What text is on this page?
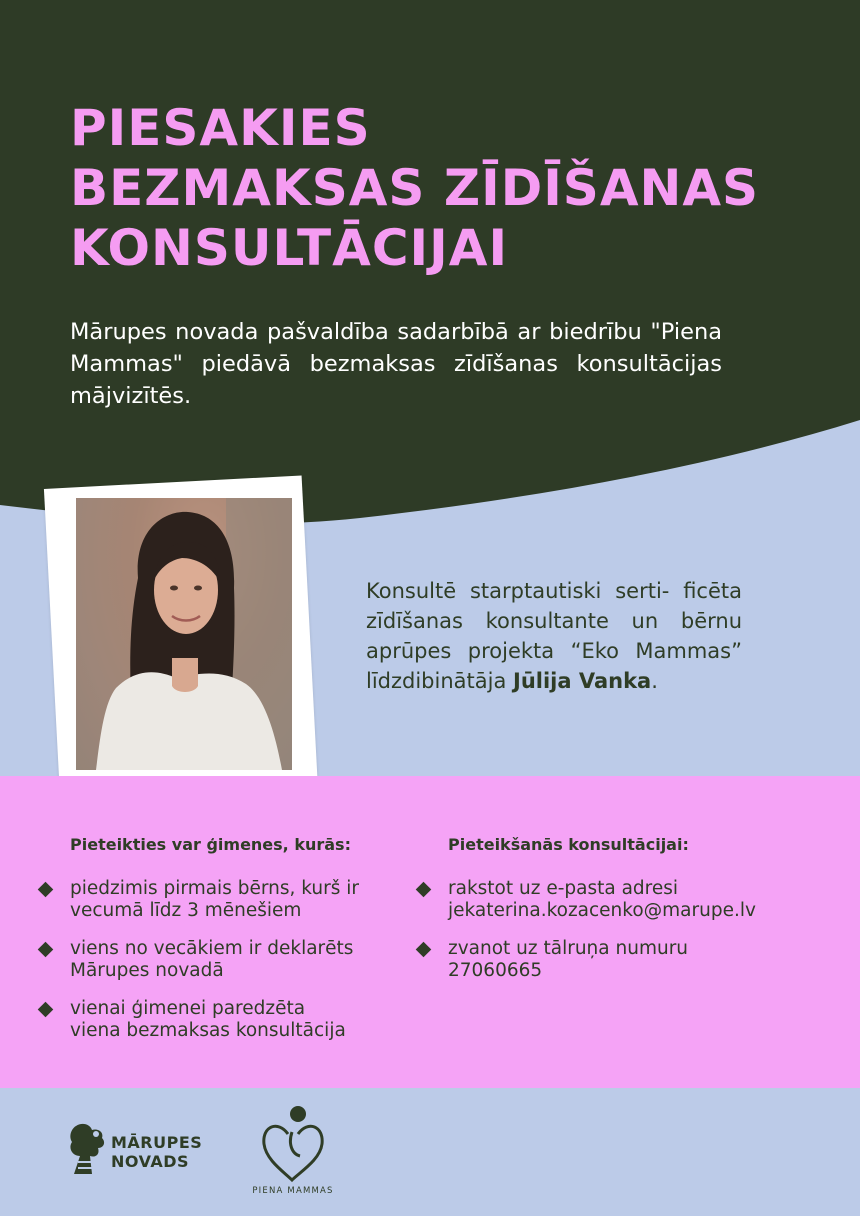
PIESAKIES
BEZMAKSAS ZĪDĪŠANAS
KONSULTĀCIJAI
Mārupes novada pašvaldība sadarbībā ar biedrību "Piena Mammas" piedāvā bezmaksas zīdīšanas konsultācijas mājvizītēs.
Konsultē starptautiski serti- ficēta zīdīšanas konsultante un bērnu aprūpes projekta “Eko Mammas” līdzdibinātāja Jūlija Vanka.
Pieteikties var ģimenes, kurās:
piedzimis pirmais bērns, kurš ir
vecumā līdz 3 mēnešiem
viens no vecākiem ir deklarēts
Mārupes novadā
vienai ģimenei paredzēta
viena bezmaksas konsultācija
Pieteikšanās konsultācijai:
rakstot uz e-pasta adresi
jekaterina.kozacenko@marupe.lv
zvanot uz tālruņa numuru
27060665
MĀRUPES
NOVADS
PIENA MAMMAS
